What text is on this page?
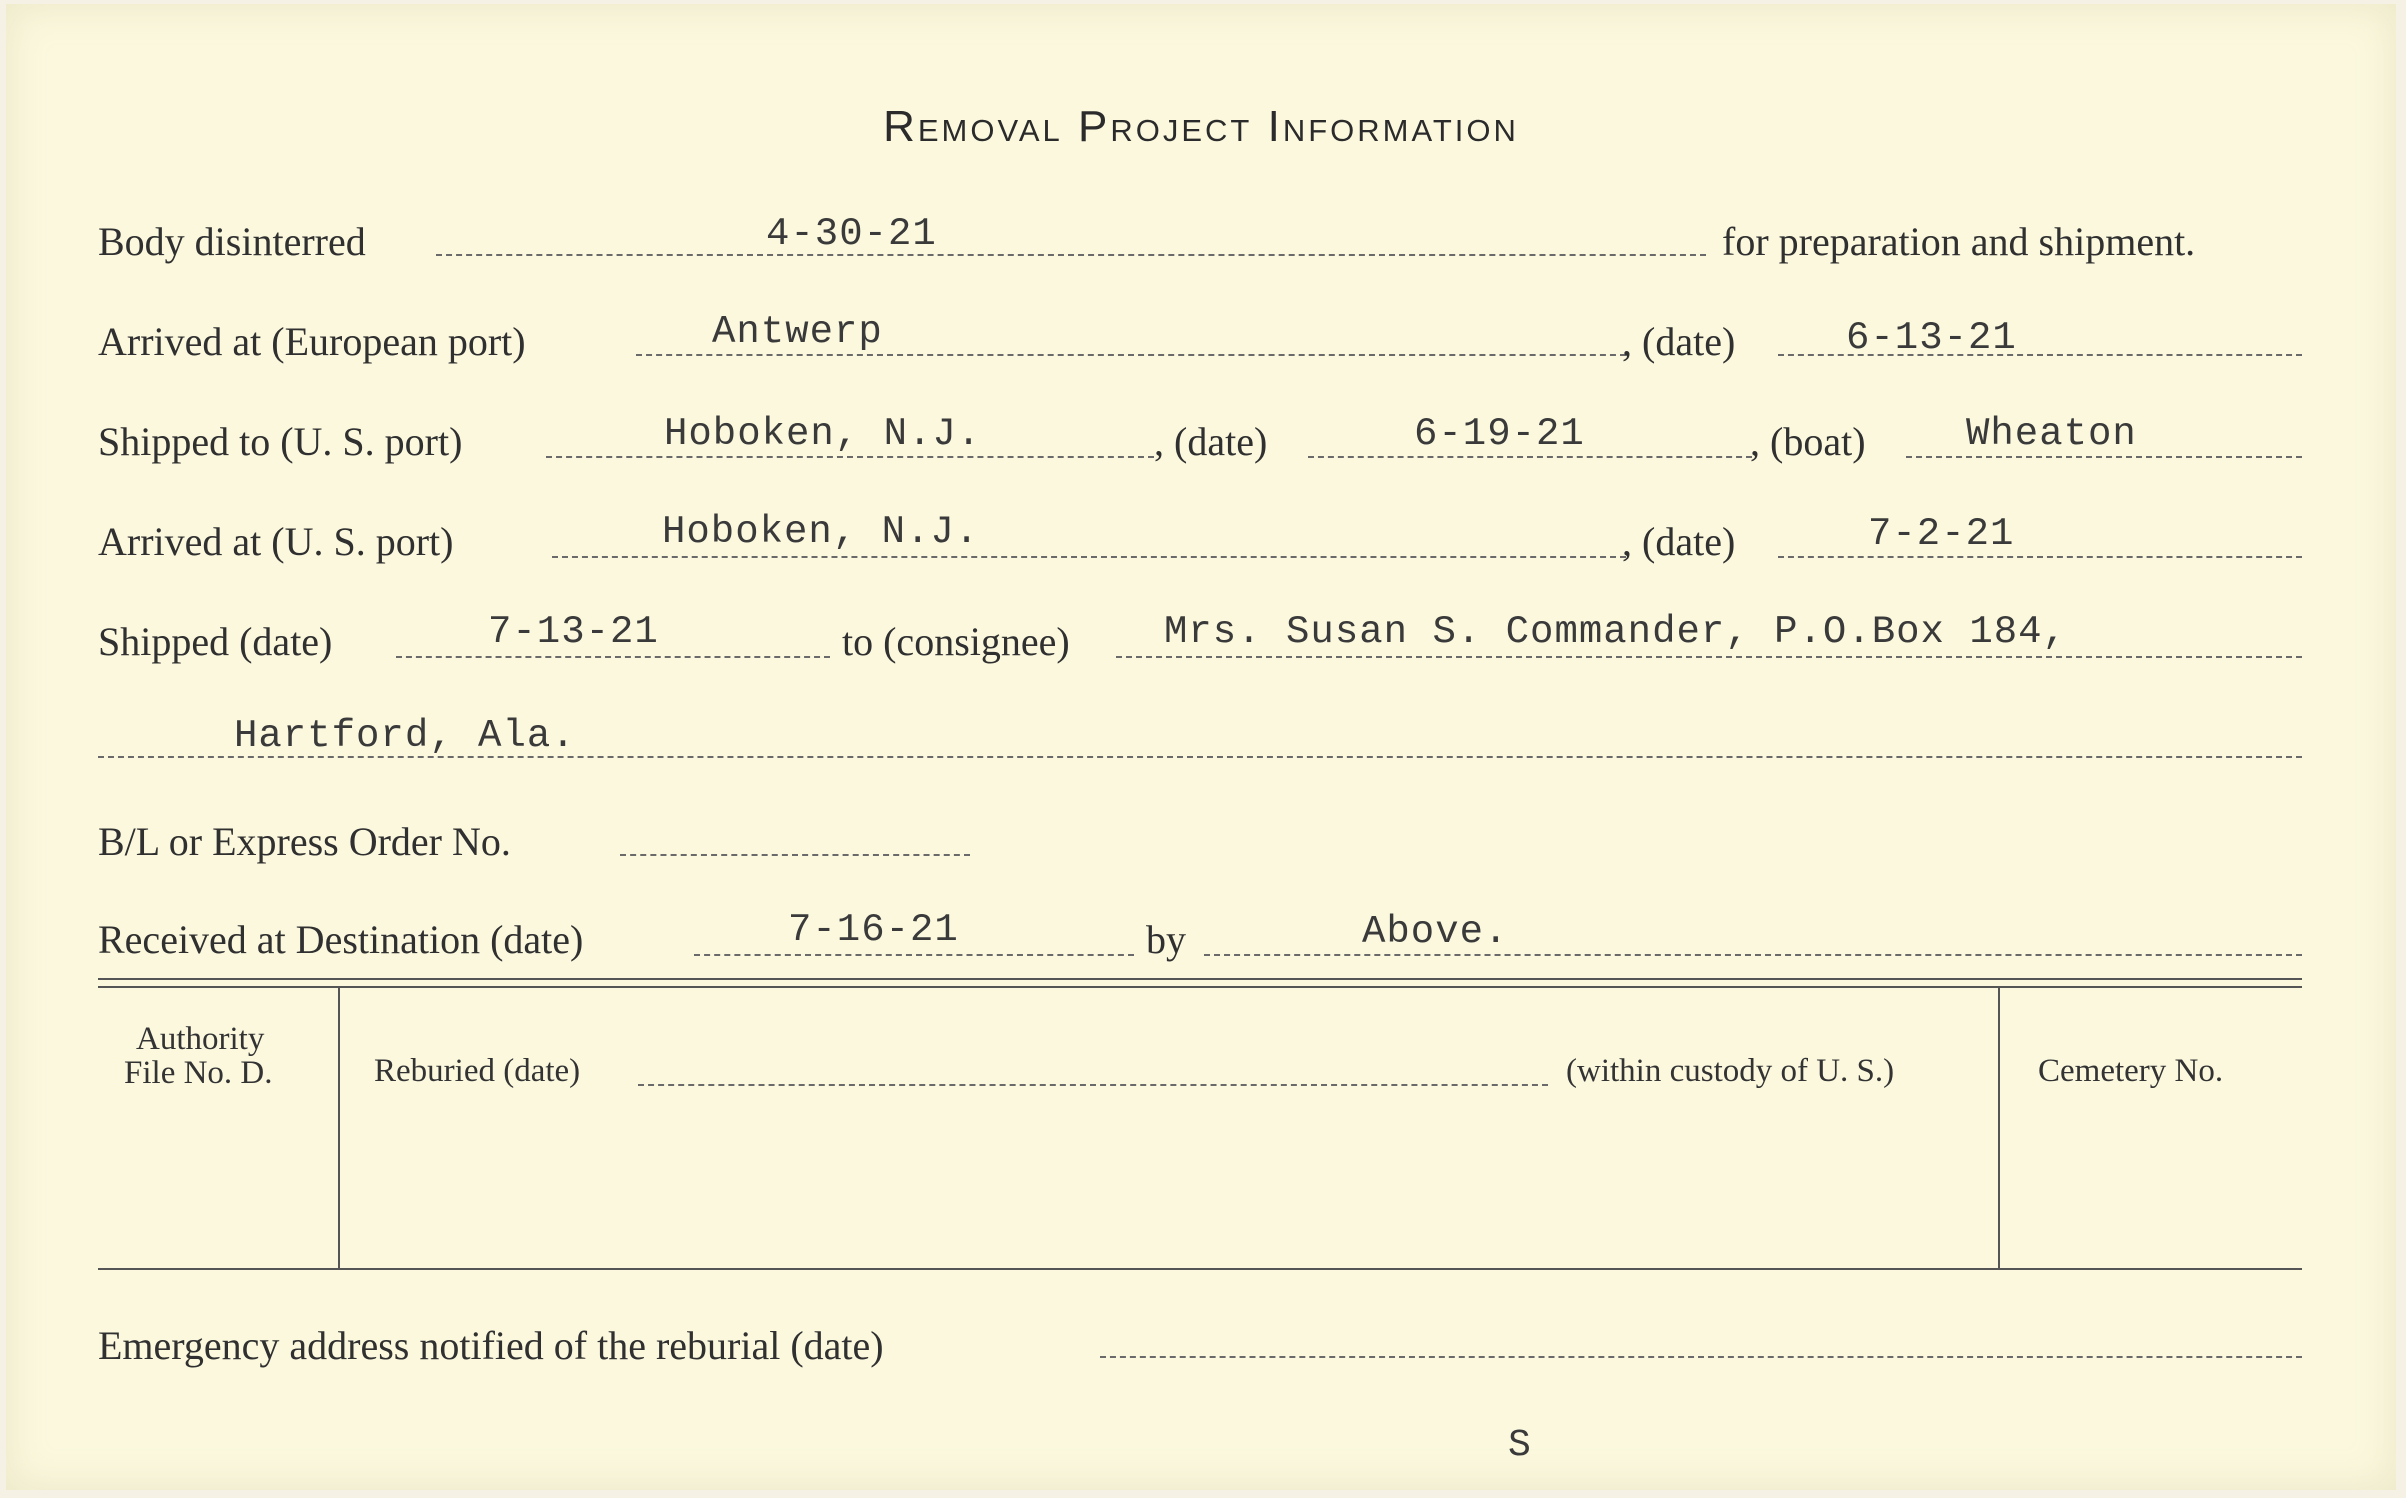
Removal Project Information
Body disinterred	4-30-21	for preparation and shipment.
Arrived at (European port)	Antwerp	, (date)	6-13-21
Shipped to (U. S. port)	Hoboken, N.J.	, (date)	6-19-21	, (boat)	Wheaton
Arrived at (U. S. port)	Hoboken, N.J.	, (date)	7-2-21
Shipped (date)	7-13-21	to (consignee) Mrs. Susan S. Commander, P.O.Box 184,
Hartford, Ala.
B/L or Express Order No.
Received at Destination (date)	7-16-21	by	Above.
Authority
File No. D.	Reburied (date)	(within custody of U. S.)	Cemetery No.
Emergency address notified of the reburial (date)
S
